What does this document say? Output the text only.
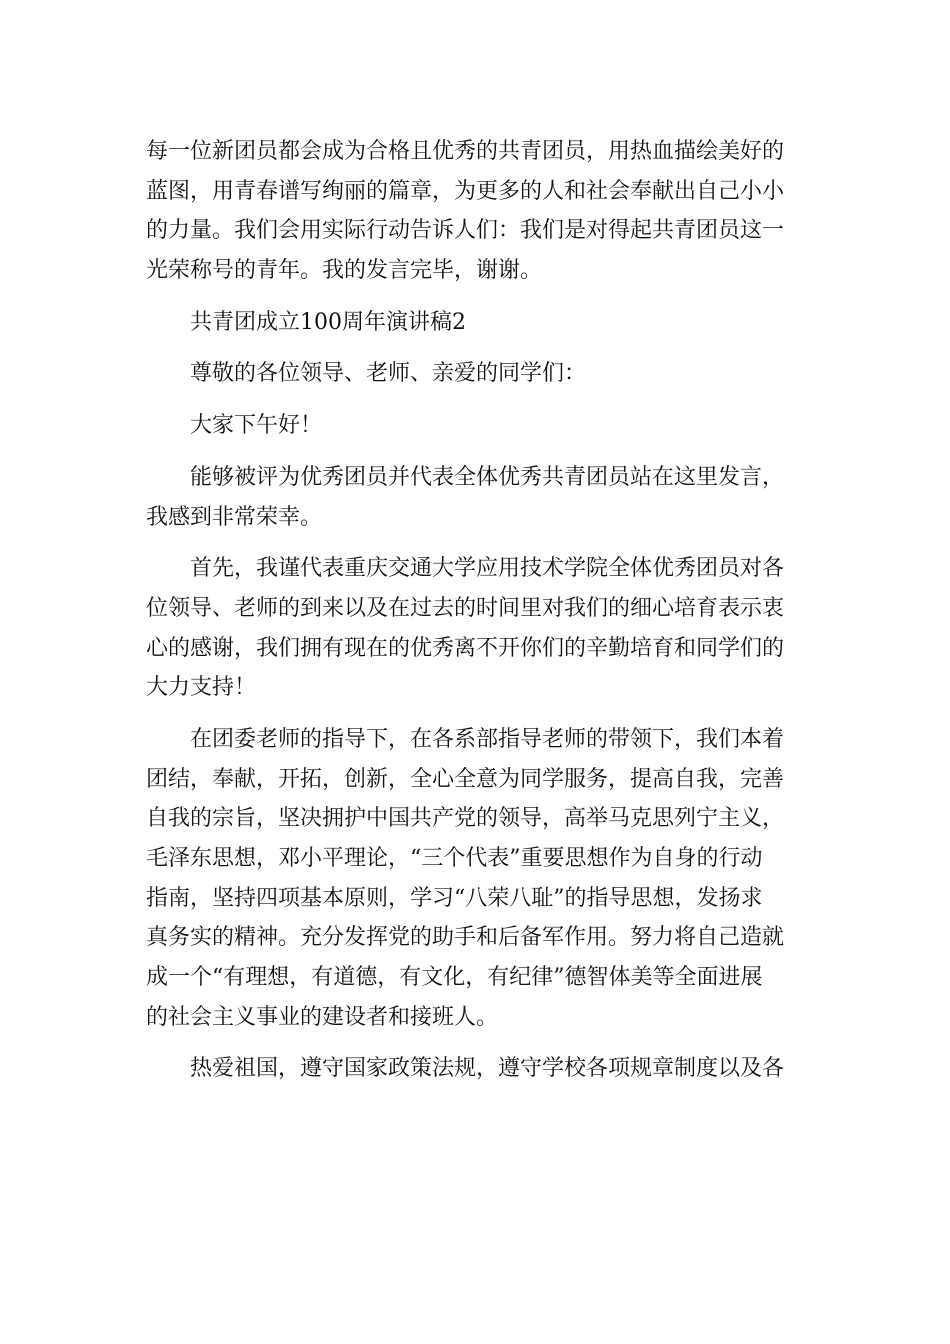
每一位新团员都会成为合格且优秀的共青团员，用热血描绘美好的
蓝图，用青春谱写绚丽的篇章，为更多的人和社会奉献出自己小小
的力量。我们会用实际行动告诉人们：我们是对得起共青团员这一
光荣称号的青年。我的发言完毕，谢谢。
共青团成立100周年演讲稿2
尊敬的各位领导、老师、亲爱的同学们：
大家下午好！
能够被评为优秀团员并代表全体优秀共青团员站在这里发言，
我感到非常荣幸。
首先，我谨代表重庆交通大学应用技术学院全体优秀团员对各
位领导、老师的到来以及在过去的时间里对我们的细心培育表示衷
心的感谢，我们拥有现在的优秀离不开你们的辛勤培育和同学们的
大力支持！
在团委老师的指导下，在各系部指导老师的带领下，我们本着
团结，奉献，开拓，创新，全心全意为同学服务，提高自我，完善
自我的宗旨，坚决拥护中国共产党的领导，高举马克思列宁主义，
毛泽东思想，邓小平理论，“三个代表”重要思想作为自身的行动
指南，坚持四项基本原则，学习“八荣八耻”的指导思想，发扬求
真务实的精神。充分发挥党的助手和后备军作用。努力将自己造就
成一个“有理想，有道德，有文化，有纪律”德智体美等全面进展
的社会主义事业的建设者和接班人。
热爱祖国，遵守国家政策法规，遵守学校各项规章制度以及各
